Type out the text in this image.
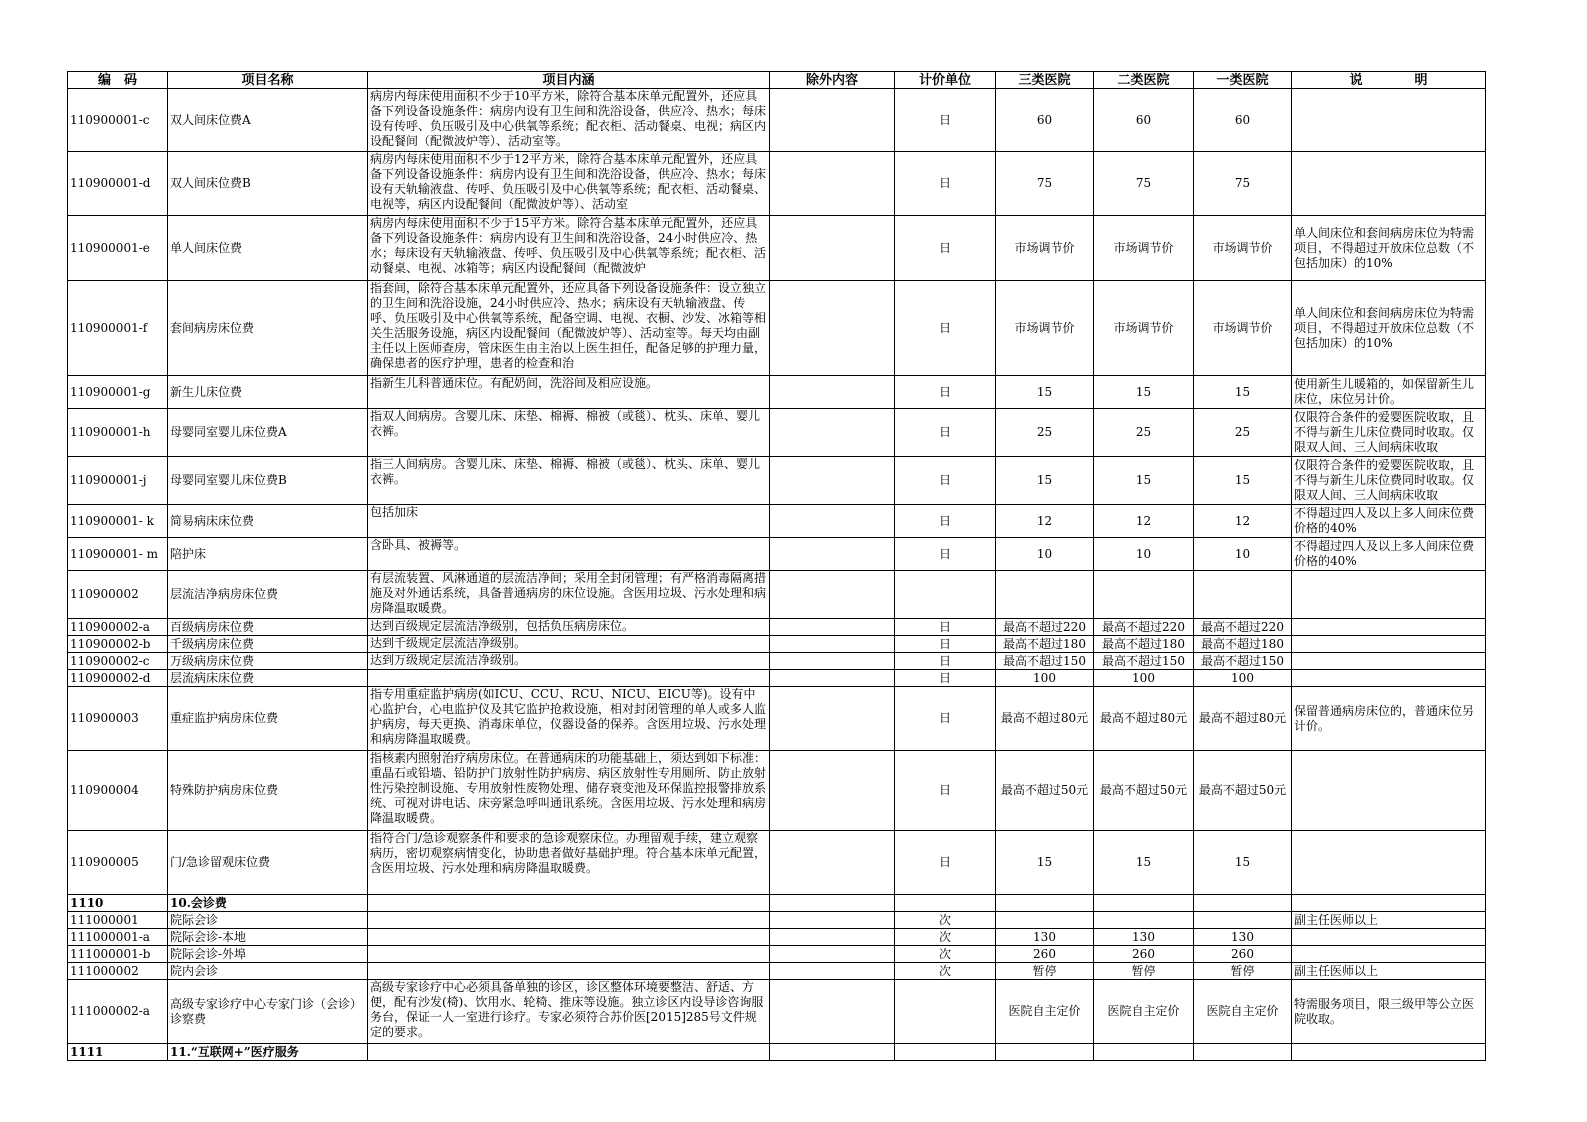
编　码	项目名称	项目内涵	除外内容	计价单位	三类医院	二类医院	一类医院	说　　　　明

110900001-c	双人间床位费A	病房内每床使用面积不少于10平方米，除符合基本床单元配置外，还应具备下列设备设施条件：病房内设有卫生间和洗浴设备，供应冷、热水；每床设有传呼、负压吸引及中心供氧等系统；配衣柜、活动餐桌、电视；病区内设配餐间（配微波炉等）、活动室等。		日	60	60	60	

110900001-d	双人间床位费B	病房内每床使用面积不少于12平方米，除符合基本床单元配置外，还应具备下列设备设施条件：病房内设有卫生间和洗浴设备，供应冷、热水；每床设有天轨输液盘、传呼、负压吸引及中心供氧等系统；配衣柜、活动餐桌、电视等，病区内设配餐间（配微波炉等）、活动室		日	75	75	75	

110900001-e	单人间床位费	病房内每床使用面积不少于15平方米。除符合基本床单元配置外，还应具备下列设备设施条件：病房内设有卫生间和洗浴设备，24小时供应冷、热水；每床设有天轨输液盘、传呼、负压吸引及中心供氧等系统；配衣柜、活动餐桌、电视、冰箱等；病区内设配餐间（配微波炉		日	市场调节价	市场调节价	市场调节价	单人间床位和套间病房床位为特需项目，不得超过开放床位总数（不包括加床）的10%

110900001-f	套间病房床位费	指套间，除符合基本床单元配置外，还应具备下列设备设施条件：设立独立的卫生间和洗浴设施，24小时供应冷、热水；病床设有天轨输液盘、传呼、负压吸引及中心供氧等系统，配备空调、电视、衣橱、沙发、冰箱等相关生活服务设施，病区内设配餐间（配微波炉等）、活动室等。每天均由副主任以上医师查房，管床医生由主治以上医生担任，配备足够的护理力量，确保患者的医疗护理，患者的检查和治		日	市场调节价	市场调节价	市场调节价	单人间床位和套间病房床位为特需项目，不得超过开放床位总数（不包括加床）的10%

110900001-g	新生儿床位费	指新生儿科普通床位。有配奶间，洗浴间及相应设施。		日	15	15	15	使用新生儿暖箱的，如保留新生儿床位，床位另计价。

110900001-h	母婴同室婴儿床位费A	指双人间病房。含婴儿床、床垫、棉褥、棉被（或毯）、枕头、床单、婴儿衣裤。		日	25	25	25	仅限符合条件的爱婴医院收取，且不得与新生儿床位费同时收取。仅限双人间、三人间病床收取

110900001-j	母婴同室婴儿床位费B	指三人间病房。含婴儿床、床垫、棉褥、棉被（或毯）、枕头、床单、婴儿衣裤。		日	15	15	15	仅限符合条件的爱婴医院收取，且不得与新生儿床位费同时收取。仅限双人间、三人间病床收取

110900001- k	简易病床床位费	包括加床		日	12	12	12	不得超过四人及以上多人间床位费价格的40%

110900001- m	陪护床	含卧具、被褥等。		日	10	10	10	不得超过四人及以上多人间床位费价格的40%

110900002	层流洁净病房床位费	有层流装置、风淋通道的层流洁净间；采用全封闭管理；有严格消毒隔离措施及对外通话系统，具备普通病房的床位设施。含医用垃圾、污水处理和病房降温取暖费。						

110900002-a	百级病房床位费	达到百级规定层流洁净级别，包括负压病房床位。		日	最高不超过220	最高不超过220	最高不超过220	

110900002-b	千级病房床位费	达到千级规定层流洁净级别。		日	最高不超过180	最高不超过180	最高不超过180	

110900002-c	万级病房床位费	达到万级规定层流洁净级别。		日	最高不超过150	最高不超过150	最高不超过150	

110900002-d	层流病床床位费			日	100	100	100	

110900003	重症监护病房床位费	指专用重症监护病房(如ICU、CCU、RCU、NICU、EICU等)。设有中心监护台，心电监护仪及其它监护抢救设施，相对封闭管理的单人或多人监护病房，每天更换、消毒床单位，仪器设备的保养。含医用垃圾、污水处理和病房降温取暖费。		日	最高不超过80元	最高不超过80元	最高不超过80元	保留普通病房床位的，普通床位另计价。

110900004	特殊防护病房床位费	指核素内照射治疗病房床位。在普通病床的功能基础上，须达到如下标准：重晶石或铅墙、铅防护门放射性防护病房、病区放射性专用厕所、防止放射性污染控制设施、专用放射性废物处理、储存衰变池及环保监控报警排放系统、可视对讲电话、床旁紧急呼叫通讯系统。含医用垃圾、污水处理和病房降温取暖费。		日	最高不超过50元	最高不超过50元	最高不超过50元	

110900005	门/急诊留观床位费	指符合门/急诊观察条件和要求的急诊观察床位。办理留观手续，建立观察病历，密切观察病情变化，协助患者做好基础护理。符合基本床单元配置，含医用垃圾、污水处理和病房降温取暖费。		日	15	15	15	

1110	10.会诊费							

111000001	院际会诊			次				副主任医师以上

111000001-a	院际会诊-本地			次	130	130	130	

111000001-b	院际会诊-外埠			次	260	260	260	

111000002	院内会诊			次	暂停	暂停	暂停	副主任医师以上

111000002-a	高级专家诊疗中心专家门诊（会诊）诊察费	高级专家诊疗中心必须具备单独的诊区，诊区整体环境要整洁、舒适、方便，配有沙发(椅)、饮用水、轮椅、推床等设施。独立诊区内设导诊咨询服务台，保证一人一室进行诊疗。专家必须符合苏价医[2015]285号文件规定的要求。			医院自主定价	医院自主定价	医院自主定价	特需服务项目，限三级甲等公立医院收取。

1111	11.“互联网+”医疗服务							
